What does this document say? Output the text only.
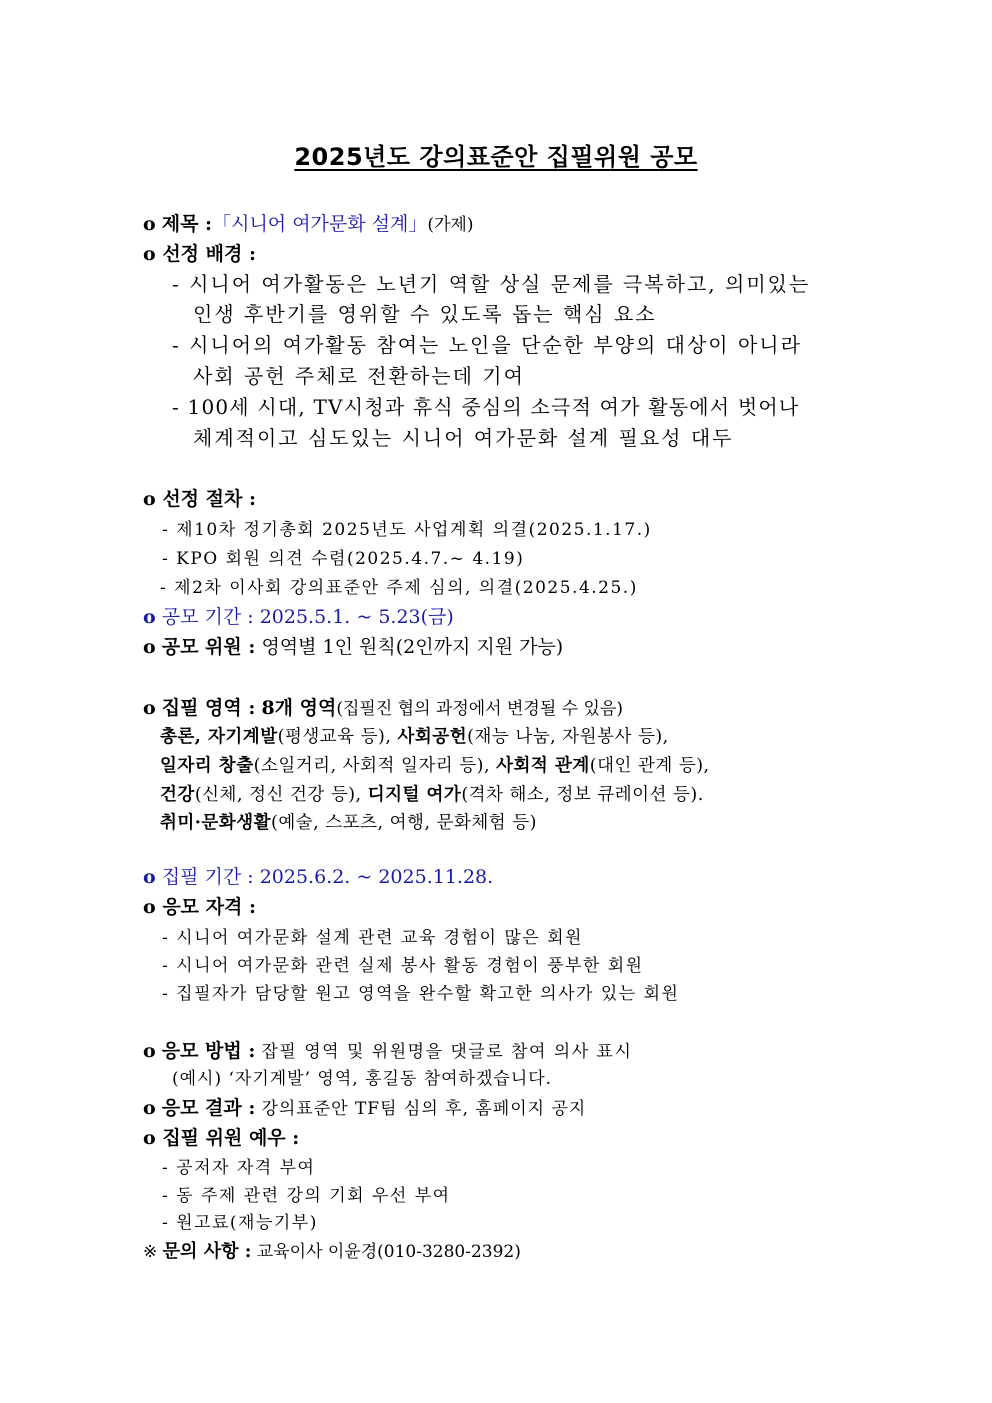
2025년도 강의표준안 집필위원 공모
o 제목 :「시니어 여가문화 설계」(가제)
o 선정 배경 :
- 시니어 여가활동은 노년기 역할 상실 문제를 극복하고, 의미있는
인생 후반기를 영위할 수 있도록 돕는 핵심 요소
- 시니어의 여가활동 참여는 노인을 단순한 부양의 대상이 아니라
사회 공헌 주체로 전환하는데 기여
- 100세 시대, TV시청과 휴식 중심의 소극적 여가 활동에서 벗어나
체계적이고 심도있는 시니어 여가문화 설계 필요성 대두
o 선정 절차 :
- 제10차 정기총회 2025년도 사업계획 의결(2025.1.17.)
- KPO 회원 의견 수렴(2025.4.7.~ 4.19)
- 제2차 이사회 강의표준안 주제 심의, 의결(2025.4.25.)
o 공모 기간 : 2025.5.1. ~ 5.23(금)
o 공모 위원 : 영역별 1인 원칙(2인까지 지원 가능)
o 집필 영역 : 8개 영역(집필진 협의 과정에서 변경될 수 있음)
총론, 자기계발(평생교육 등), 사회공헌(재능 나눔, 자원봉사 등),
일자리 창출(소일거리, 사회적 일자리 등), 사회적 관계(대인 관계 등),
건강(신체, 정신 건강 등), 디지털 여가(격차 해소, 정보 큐레이션 등).
취미·문화생활(예술, 스포츠, 여행, 문화체험 등)
o 집필 기간 : 2025.6.2. ~ 2025.11.28.
o 응모 자격 :
- 시니어 여가문화 설계 관련 교육 경험이 많은 회원
- 시니어 여가문화 관련 실제 봉사 활동 경험이 풍부한 회원
- 집필자가 담당할 원고 영역을 완수할 확고한 의사가 있는 회원
o 응모 방법 : 잡필 영역 및 위원명을 댓글로 참여 의사 표시
(예시) ‘자기계발’ 영역, 홍길동 참여하겠습니다.
o 응모 결과 : 강의표준안 TF팀 심의 후, 홈페이지 공지
o 집필 위원 예우 :
- 공저자 자격 부여
- 동 주제 관련 강의 기회 우선 부여
- 원고료(재능기부)
※ 문의 사항 : 교육이사 이윤경(010-3280-2392)
